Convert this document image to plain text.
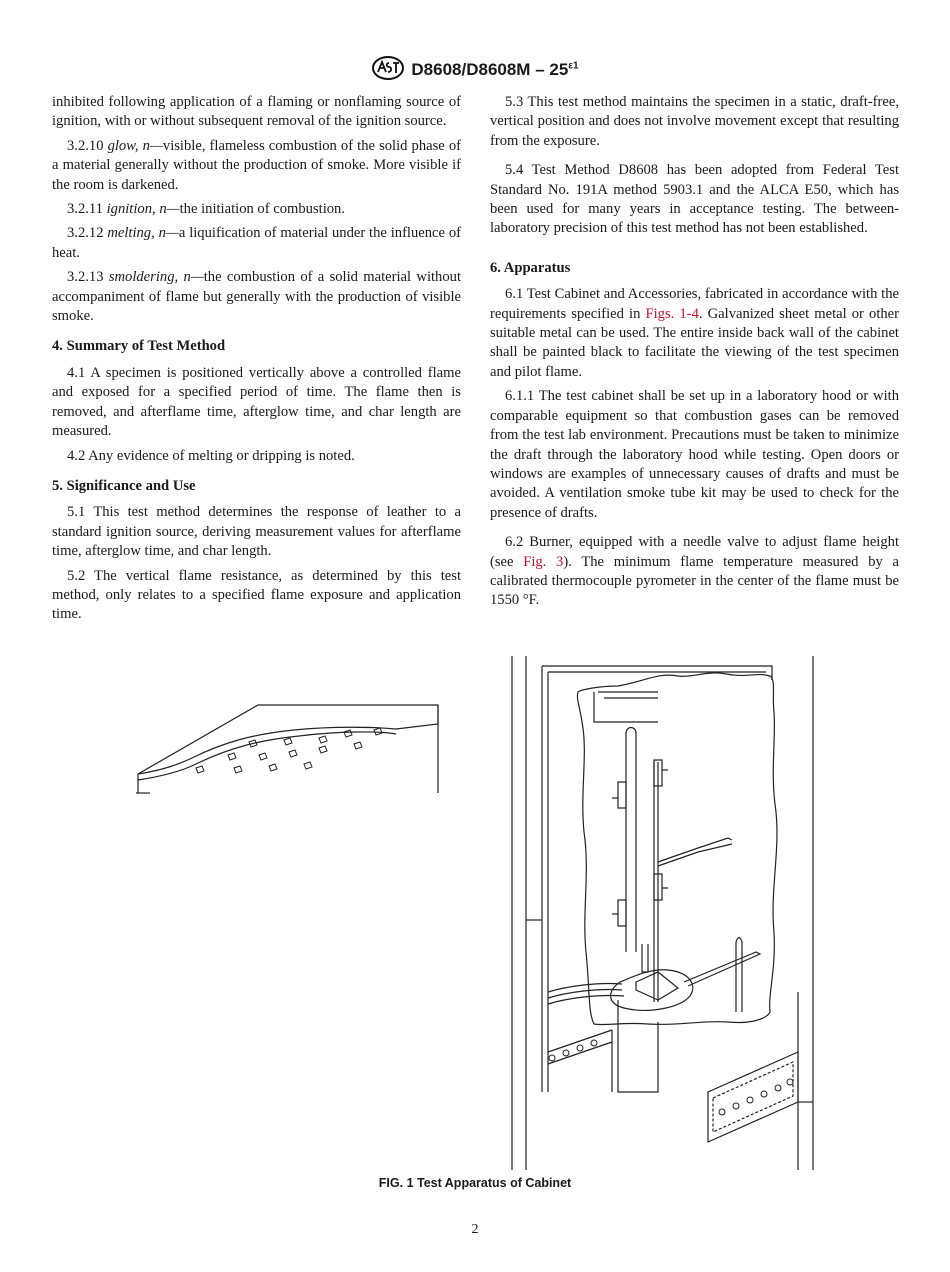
$D8608/D8608M - 25^{\varepsilon 1}$

inhibited following application of a flaming or nonflaming source of ignition, with or without subsequent removal of the ignition source.

3.2.10 glow, n—visible, flameless combustion of the solid phase of a material generally without the production of smoke. More visible if the room is darkened.

3.2.11 ignition, n—the initiation of combustion.

3.2.12 melting, n—a liquification of material under the influence of heat.

3.2.13 smoldering, n—the combustion of a solid material without accompaniment of flame but generally with the production of visible smoke.

4. Summary of Test Method

4.1 A specimen is positioned vertically above a controlled flame and exposed for a specified period of time. The flame then is removed, and afterflame time, afterglow time, and char length are measured.

4.2 Any evidence of melting or dripping is noted.

5. Significance and Use

5.1 This test method determines the response of leather to a standard ignition source, deriving measurement values for afterflame time, afterglow time, and char length.

5.2 The vertical flame resistance, as determined by this test method, only relates to a specified flame exposure and application time.

5.3 This test method maintains the specimen in a static, draft-free, vertical position and does not involve movement except that resulting from the exposure.

5.4 Test Method D8608 has been adopted from Federal Test Standard No. 191A method 5903.1 and the ALCA E50, which has been used for many years in acceptance testing. The between-laboratory precision of this test method has not been established.

6. Apparatus

6.1 Test Cabinet and Accessories, fabricated in accordance with the requirements specified in Figs. 1-4. Galvanized sheet metal or other suitable metal can be used. The entire inside back wall of the cabinet shall be painted black to facilitate the viewing of the test specimen and pilot flame.

6.1.1 The test cabinet shall be set up in a laboratory hood or with comparable equipment so that combustion gases can be removed from the test lab environment. Precautions must be taken to minimize the draft through the laboratory hood while testing. Open doors or windows are examples of unnecessary causes of drafts and must be avoided. A ventilation smoke tube kit may be used to check for the presence of drafts.

6.2 Burner, equipped with a needle valve to adjust flame height (see Fig. 3). The minimum flame temperature measured by a calibrated thermocouple pyrometer in the center of the flame must be 1550 °F.

FIG. 1 Test Apparatus of Cabinet
2
